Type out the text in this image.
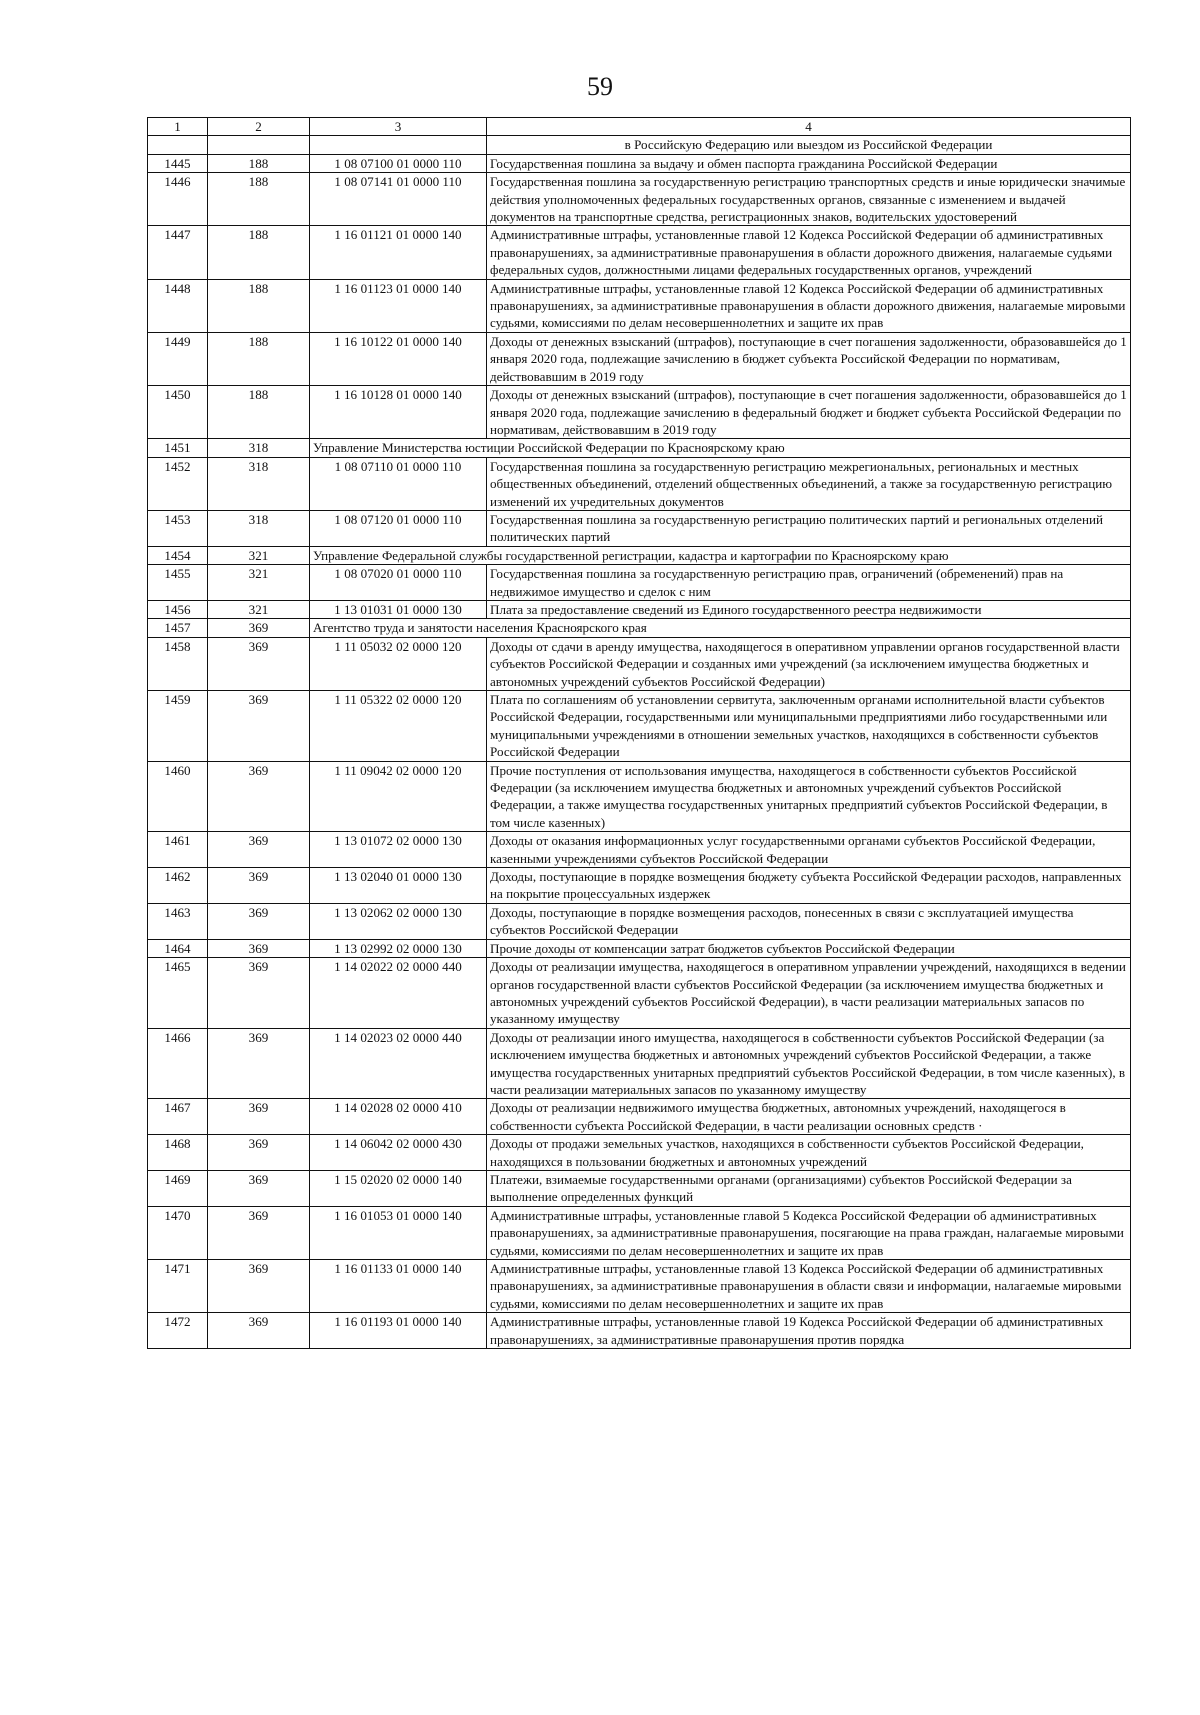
59
1	2	3	4
			в Российскую Федерацию или выездом из Российской Федерации
1445	188	1 08 07100 01 0000 110	Государственная пошлина за выдачу и обмен паспорта гражданина Российской Федерации
1446	188	1 08 07141 01 0000 110	Государственная пошлина за государственную регистрацию транспортных средств и иные юридически значимые действия уполномоченных федеральных государственных органов, связанные с изменением и выдачей документов на транспортные средства, регистрационных знаков, водительских удостоверений
1447	188	1 16 01121 01 0000 140	Административные штрафы, установленные главой 12 Кодекса Российской Федерации об административных правонарушениях, за административные правонарушения в области дорожного движения, налагаемые судьями федеральных судов, должностными лицами федеральных государственных органов, учреждений
1448	188	1 16 01123 01 0000 140	Административные штрафы, установленные главой 12 Кодекса Российской Федерации об административных правонарушениях, за административные правонарушения в области дорожного движения, налагаемые мировыми судьями, комиссиями по делам несовершеннолетних и защите их прав
1449	188	1 16 10122 01 0000 140	Доходы от денежных взысканий (штрафов), поступающие в счет погашения задолженности, образовавшейся до 1 января 2020 года, подлежащие зачислению в бюджет субъекта Российской Федерации по нормативам, действовавшим в 2019 году
1450	188	1 16 10128 01 0000 140	Доходы от денежных взысканий (штрафов), поступающие в счет погашения задолженности, образовавшейся до 1 января 2020 года, подлежащие зачислению в федеральный бюджет и бюджет субъекта Российской Федерации по нормативам, действовавшим в 2019 году
1451	318	Управление Министерства юстиции Российской Федерации по Красноярскому краю	
1452	318	1 08 07110 01 0000 110	Государственная пошлина за государственную регистрацию межрегиональных, региональных и местных общественных объединений, отделений общественных объединений, а также за государственную регистрацию изменений их учредительных документов
1453	318	1 08 07120 01 0000 110	Государственная пошлина за государственную регистрацию политических партий и региональных отделений политических партий
1454	321	Управление Федеральной службы государственной регистрации, кадастра и картографии по Красноярскому краю	
1455	321	1 08 07020 01 0000 110	Государственная пошлина за государственную регистрацию прав, ограничений (обременений) прав на недвижимое имущество и сделок с ним
1456	321	1 13 01031 01 0000 130	Плата за предоставление сведений из Единого государственного реестра недвижимости
1457	369	Агентство труда и занятости населения Красноярского края	
1458	369	1 11 05032 02 0000 120	Доходы от сдачи в аренду имущества, находящегося в оперативном управлении органов государственной власти субъектов Российской Федерации и созданных ими учреждений (за исключением имущества бюджетных и автономных учреждений субъектов Российской Федерации)
1459	369	1 11 05322 02 0000 120	Плата по соглашениям об установлении сервитута, заключенным органами исполнительной власти субъектов Российской Федерации, государственными или муниципальными предприятиями либо государственными или муниципальными учреждениями в отношении земельных участков, находящихся в собственности субъектов Российской Федерации
1460	369	1 11 09042 02 0000 120	Прочие поступления от использования имущества, находящегося в собственности субъектов Российской Федерации (за исключением имущества бюджетных и автономных учреждений субъектов Российской Федерации, а также имущества государственных унитарных предприятий субъектов Российской Федерации, в том числе казенных)
1461	369	1 13 01072 02 0000 130	Доходы от оказания информационных услуг государственными органами субъектов Российской Федерации, казенными учреждениями субъектов Российской Федерации
1462	369	1 13 02040 01 0000 130	Доходы, поступающие в порядке возмещения бюджету субъекта Российской Федерации расходов, направленных на покрытие процессуальных издержек
1463	369	1 13 02062 02 0000 130	Доходы, поступающие в порядке возмещения расходов, понесенных в связи с эксплуатацией имущества субъектов Российской Федерации
1464	369	1 13 02992 02 0000 130	Прочие доходы от компенсации затрат бюджетов субъектов Российской Федерации
1465	369	1 14 02022 02 0000 440	Доходы от реализации имущества, находящегося в оперативном управлении учреждений, находящихся в ведении органов государственной власти субъектов Российской Федерации (за исключением имущества бюджетных и автономных учреждений субъектов Российской Федерации), в части реализации материальных запасов по указанному имуществу
1466	369	1 14 02023 02 0000 440	Доходы от реализации иного имущества, находящегося в собственности субъектов Российской Федерации (за исключением имущества бюджетных и автономных учреждений субъектов Российской Федерации, а также имущества государственных унитарных предприятий субъектов Российской Федерации, в том числе казенных), в части реализации материальных запасов по указанному имуществу
1467	369	1 14 02028 02 0000 410	Доходы от реализации недвижимого имущества бюджетных, автономных учреждений, находящегося в собственности субъекта Российской Федерации, в части реализации основных средств ·
1468	369	1 14 06042 02 0000 430	Доходы от продажи земельных участков, находящихся в собственности субъектов Российской Федерации, находящихся в пользовании бюджетных и автономных учреждений
1469	369	1 15 02020 02 0000 140	Платежи, взимаемые государственными органами (организациями) субъектов Российской Федерации за выполнение определенных функций
1470	369	1 16 01053 01 0000 140	Административные штрафы, установленные главой 5 Кодекса Российской Федерации об административных правонарушениях, за административные правонарушения, посягающие на права граждан, налагаемые мировыми судьями, комиссиями по делам несовершеннолетних и защите их прав
1471	369	1 16 01133 01 0000 140	Административные штрафы, установленные главой 13 Кодекса Российской Федерации об административных правонарушениях, за административные правонарушения в области связи и информации, налагаемые мировыми судьями, комиссиями по делам несовершеннолетних и защите их прав
1472	369	1 16 01193 01 0000 140	Административные штрафы, установленные главой 19 Кодекса Российской Федерации об административных правонарушениях, за административные правонарушения против порядка
